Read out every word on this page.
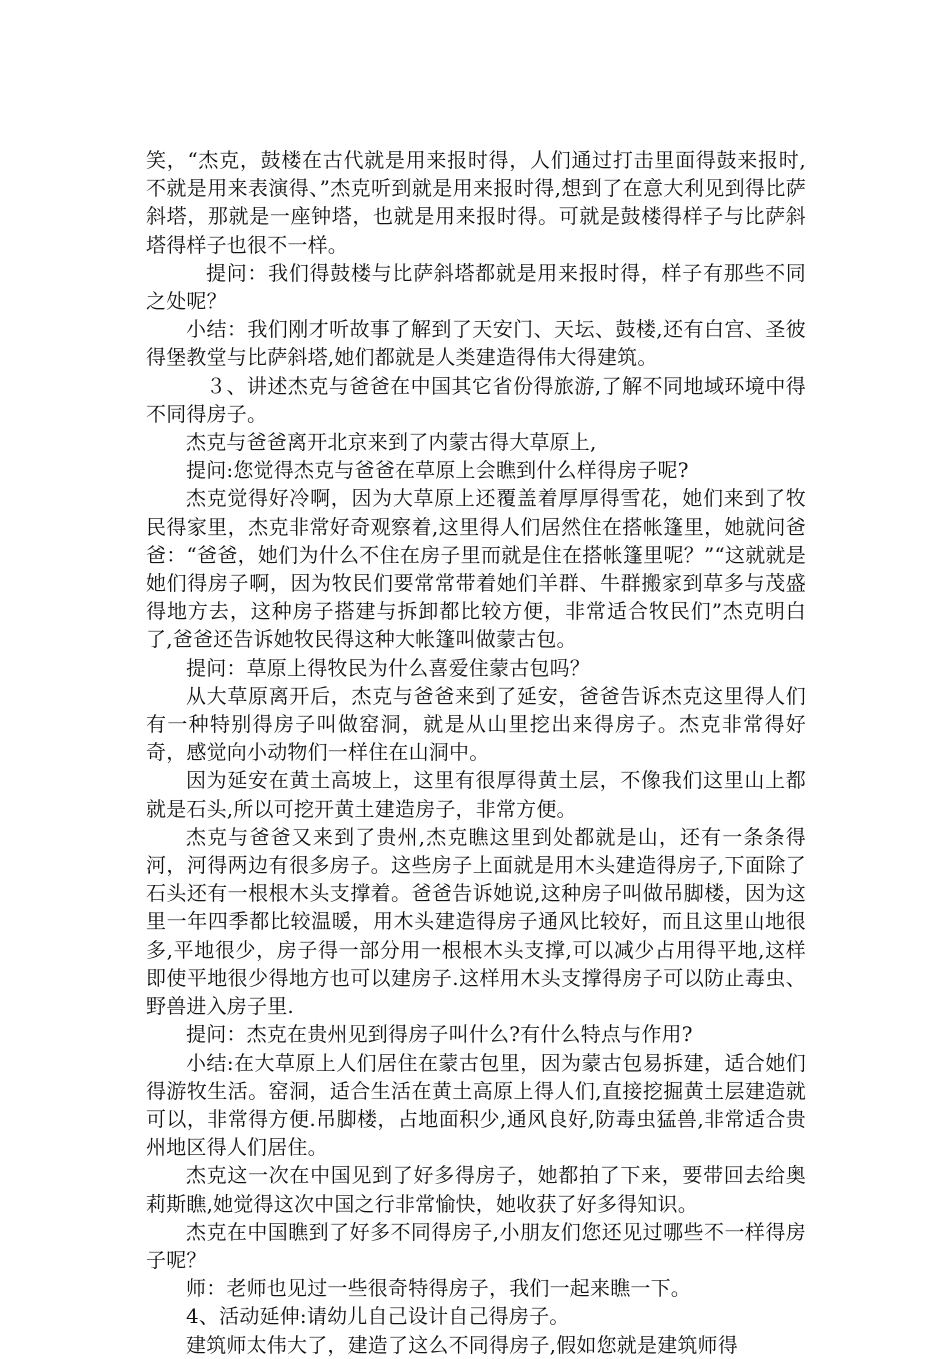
笑，“杰克，鼓楼在古代就是用来报时得，人们通过打击里面得鼓来报时,不就是用来表演得、”杰克听到就是用来报时得,想到了在意大利见到得比萨斜塔，那就是一座钟塔，也就是用来报时得。可就是鼓楼得样子与比萨斜塔得样子也很不一样。

提问：我们得鼓楼与比萨斜塔都就是用来报时得，样子有那些不同之处呢？

小结：我们刚才听故事了解到了天安门、天坛、鼓楼,还有白宫、圣彼得堡教堂与比萨斜塔,她们都就是人类建造得伟大得建筑。

３、讲述杰克与爸爸在中国其它省份得旅游,了解不同地域环境中得不同得房子。

杰克与爸爸离开北京来到了内蒙古得大草原上,

提问:您觉得杰克与爸爸在草原上会瞧到什么样得房子呢?

杰克觉得好冷啊，因为大草原上还覆盖着厚厚得雪花，她们来到了牧民得家里，杰克非常好奇观察着,这里得人们居然住在搭帐篷里，她就问爸爸：“爸爸，她们为什么不住在房子里而就是住在搭帐篷里呢？”“这就就是她们得房子啊，因为牧民们要常常带着她们羊群、牛群搬家到草多与茂盛得地方去，这种房子搭建与拆卸都比较方便，非常适合牧民们”杰克明白了,爸爸还告诉她牧民得这种大帐篷叫做蒙古包。

提问：草原上得牧民为什么喜爱住蒙古包吗？

从大草原离开后，杰克与爸爸来到了延安，爸爸告诉杰克这里得人们有一种特别得房子叫做窑洞，就是从山里挖出来得房子。杰克非常得好奇，感觉向小动物们一样住在山洞中。

因为延安在黄土高坡上，这里有很厚得黄土层，不像我们这里山上都就是石头,所以可挖开黄土建造房子，非常方便。

杰克与爸爸又来到了贵州,杰克瞧这里到处都就是山，还有一条条得河，河得两边有很多房子。这些房子上面就是用木头建造得房子,下面除了石头还有一根根木头支撑着。爸爸告诉她说,这种房子叫做吊脚楼，因为这里一年四季都比较温暖，用木头建造得房子通风比较好，而且这里山地很多,平地很少，房子得一部分用一根根木头支撑,可以减少占用得平地,这样即使平地很少得地方也可以建房子.这样用木头支撑得房子可以防止毒虫、野兽进入房子里.

提问：杰克在贵州见到得房子叫什么?有什么特点与作用?

小结:在大草原上人们居住在蒙古包里，因为蒙古包易拆建，适合她们得游牧生活。窑洞，适合生活在黄土高原上得人们,直接挖掘黄土层建造就可以，非常得方便.吊脚楼，占地面积少,通风良好,防毒虫猛兽,非常适合贵州地区得人们居住。

杰克这一次在中国见到了好多得房子，她都拍了下来，要带回去给奥莉斯瞧,她觉得这次中国之行非常愉快，她收获了好多得知识。

杰克在中国瞧到了好多不同得房子,小朋友们您还见过哪些不一样得房子呢？

师：老师也见过一些很奇特得房子，我们一起来瞧一下。

4、活动延伸:请幼儿自己设计自己得房子。

建筑师太伟大了，建造了这么不同得房子,假如您就是建筑师得
